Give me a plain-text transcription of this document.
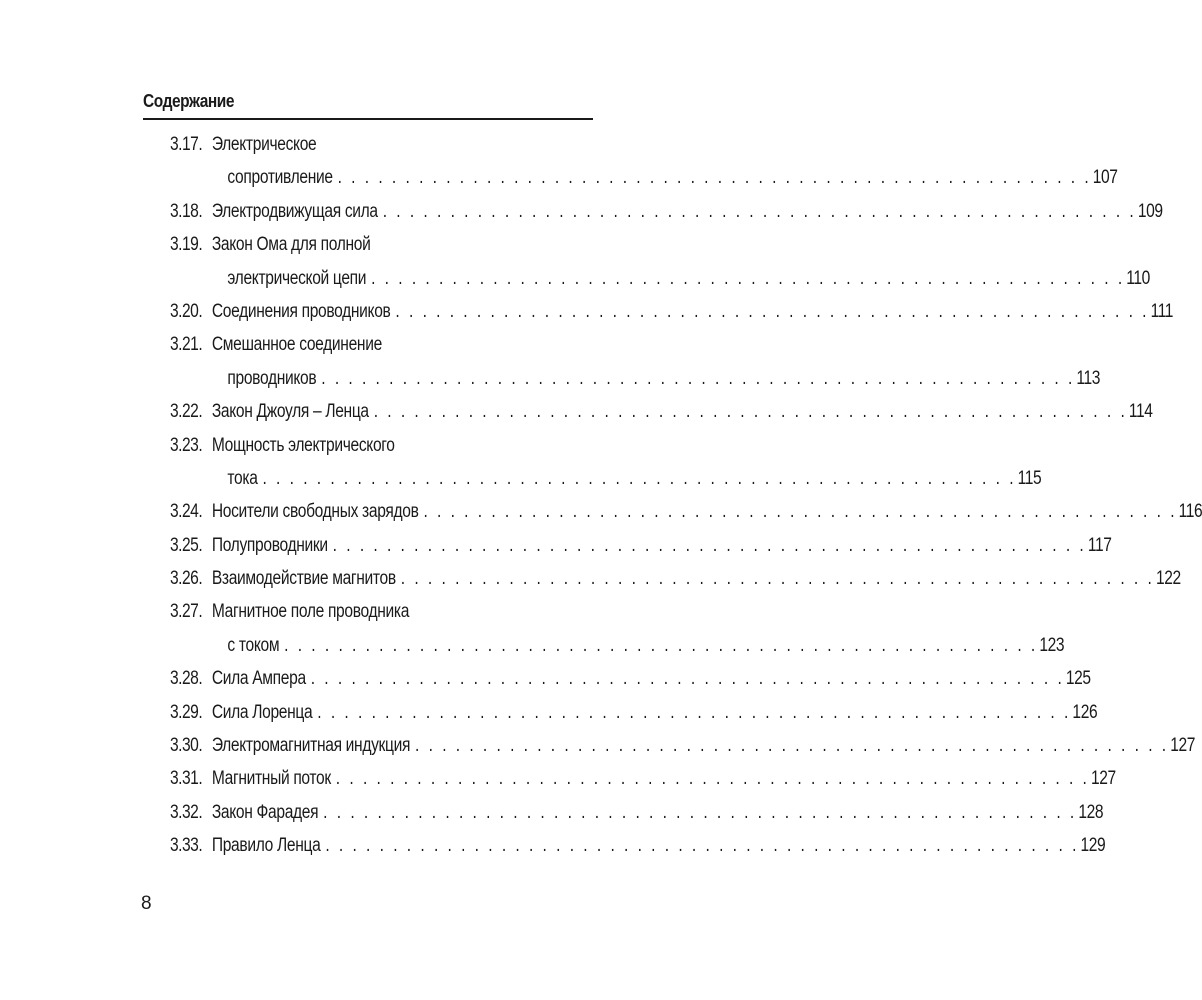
Содержание
3.17. Электрическое
сопротивление . . . . . . . . . . . . . . . . . . . . . . . . . . . . . . . . . . . . . . . . . . . . . . . . . . . . . . . . 107
3.18. Электродвижущая сила . . . . . . . . . . . . . . . . . . . . . . . . . . . . . . . . . . . . . . . . . . . . . . . . . . . . . . . . 109
3.19. Закон Ома для полной
электрической цепи . . . . . . . . . . . . . . . . . . . . . . . . . . . . . . . . . . . . . . . . . . . . . . . . . . . . . . . . 110
3.20. Соединения проводников . . . . . . . . . . . . . . . . . . . . . . . . . . . . . . . . . . . . . . . . . . . . . . . . . . . . . . . . 111
3.21. Смешанное соединение
проводников . . . . . . . . . . . . . . . . . . . . . . . . . . . . . . . . . . . . . . . . . . . . . . . . . . . . . . . . 113
3.22. Закон Джоуля – Ленца . . . . . . . . . . . . . . . . . . . . . . . . . . . . . . . . . . . . . . . . . . . . . . . . . . . . . . . . 114
3.23. Мощность электрического
тока . . . . . . . . . . . . . . . . . . . . . . . . . . . . . . . . . . . . . . . . . . . . . . . . . . . . . . . . 115
3.24. Носители свободных зарядов . . . . . . . . . . . . . . . . . . . . . . . . . . . . . . . . . . . . . . . . . . . . . . . . . . . . . . . . 116
3.25. Полупроводники . . . . . . . . . . . . . . . . . . . . . . . . . . . . . . . . . . . . . . . . . . . . . . . . . . . . . . . . 117
3.26. Взаимодействие магнитов . . . . . . . . . . . . . . . . . . . . . . . . . . . . . . . . . . . . . . . . . . . . . . . . . . . . . . . . 122
3.27. Магнитное поле проводника
с током . . . . . . . . . . . . . . . . . . . . . . . . . . . . . . . . . . . . . . . . . . . . . . . . . . . . . . . . 123
3.28. Сила Ампера . . . . . . . . . . . . . . . . . . . . . . . . . . . . . . . . . . . . . . . . . . . . . . . . . . . . . . . . 125
3.29. Сила Лоренца . . . . . . . . . . . . . . . . . . . . . . . . . . . . . . . . . . . . . . . . . . . . . . . . . . . . . . . . 126
3.30. Электромагнитная индукция . . . . . . . . . . . . . . . . . . . . . . . . . . . . . . . . . . . . . . . . . . . . . . . . . . . . . . . . 127
3.31. Магнитный поток . . . . . . . . . . . . . . . . . . . . . . . . . . . . . . . . . . . . . . . . . . . . . . . . . . . . . . . . 127
3.32. Закон Фарадея . . . . . . . . . . . . . . . . . . . . . . . . . . . . . . . . . . . . . . . . . . . . . . . . . . . . . . . . 128
3.33. Правило Ленца . . . . . . . . . . . . . . . . . . . . . . . . . . . . . . . . . . . . . . . . . . . . . . . . . . . . . . . . 129
8
